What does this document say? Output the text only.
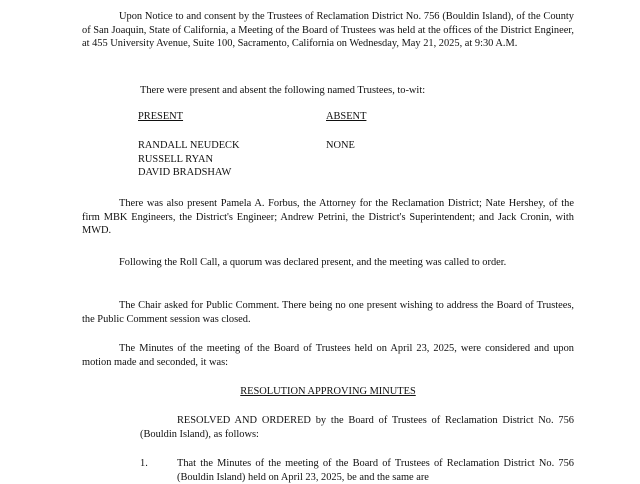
Upon Notice to and consent by the Trustees of Reclamation District No. 756 (Bouldin Island), of the County of San Joaquin, State of California, a Meeting of the Board of Trustees was held at the offices of the District Engineer, at 455 University Avenue, Suite 100, Sacramento, California on Wednesday, May 21, 2025, at 9:30 A.M.
There were present and absent the following named Trustees, to-wit:
PRESENT	ABSENT
RANDALL NEUDECK
RUSSELL RYAN
DAVID BRADSHAW
NONE
There was also present Pamela A. Forbus, the Attorney for the Reclamation District; Nate Hershey, of the firm MBK Engineers, the District's Engineer; Andrew Petrini, the District's Superintendent; and Jack Cronin, with MWD.
Following the Roll Call, a quorum was declared present, and the meeting was called to order.
The Chair asked for Public Comment. There being no one present wishing to address the Board of Trustees, the Public Comment session was closed.
The Minutes of the meeting of the Board of Trustees held on April 23, 2025, were considered and upon motion made and seconded, it was:
RESOLUTION APPROVING MINUTES
RESOLVED AND ORDERED by the Board of Trustees of Reclamation District No. 756 (Bouldin Island), as follows:
1.	That the Minutes of the meeting of the Board of Trustees of Reclamation District No. 756 (Bouldin Island) held on April 23, 2025, be and the same are
